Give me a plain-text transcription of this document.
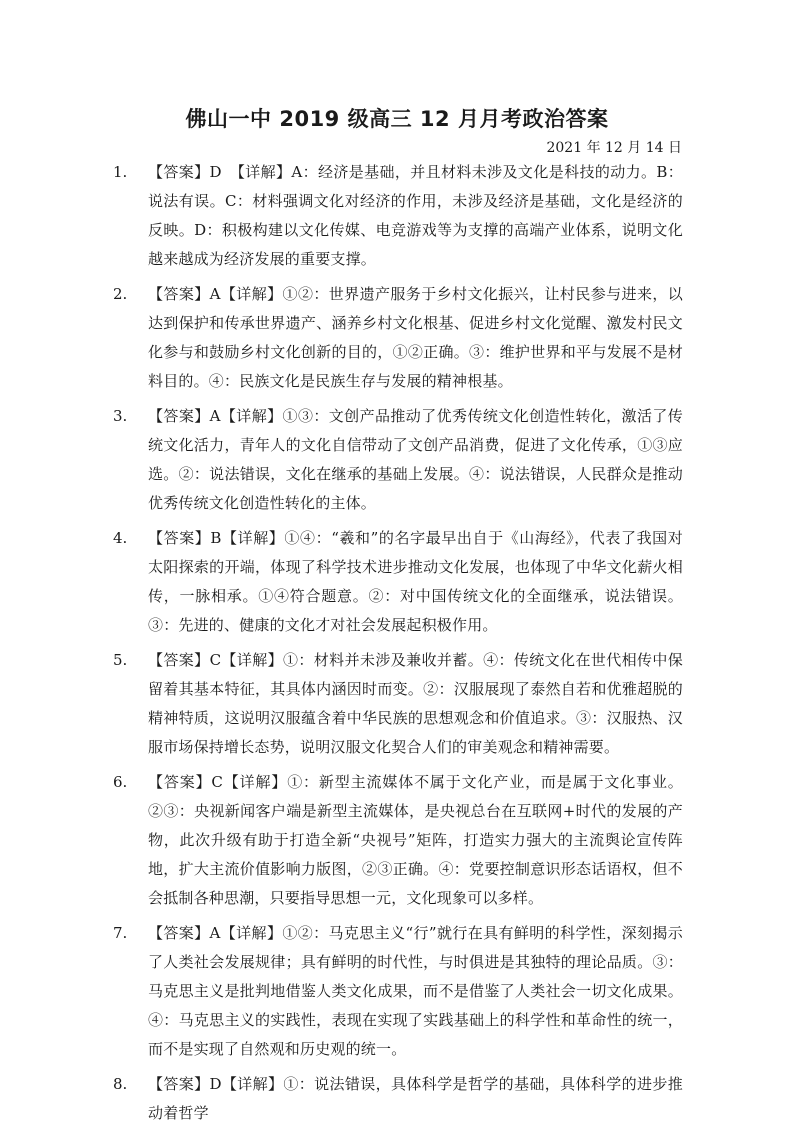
佛山一中 2019 级高三 12 月月考政治答案
2021 年 12 月 14 日
1. 【答案】D　【详解】A：经济是基础，并且材料未涉及文化是科技的动力。B：说法有误。C：材料强调文化对经济的作用，未涉及经济是基础，文化是经济的反映。D：积极构建以文化传媒、电竞游戏等为支撑的高端产业体系，说明文化越来越成为经济发展的重要支撑。
2. 【答案】A【详解】①②：世界遗产服务于乡村文化振兴，让村民参与进来，以达到保护和传承世界遗产、涵养乡村文化根基、促进乡村文化觉醒、激发村民文化参与和鼓励乡村文化创新的目的，①②正确。③：维护世界和平与发展不是材料目的。④：民族文化是民族生存与发展的精神根基。
3. 【答案】A【详解】①③：文创产品推动了优秀传统文化创造性转化，激活了传统文化活力，青年人的文化自信带动了文创产品消费，促进了文化传承，①③应选。②：说法错误，文化在继承的基础上发展。④：说法错误，人民群众是推动优秀传统文化创造性转化的主体。
4. 【答案】B【详解】①④：“羲和”的名字最早出自于《山海经》，代表了我国对太阳探索的开端，体现了科学技术进步推动文化发展，也体现了中华文化薪火相传，一脉相承。①④符合题意。②：对中国传统文化的全面继承，说法错误。③：先进的、健康的文化才对社会发展起积极作用。
5. 【答案】C【详解】①：材料并未涉及兼收并蓄。④：传统文化在世代相传中保留着其基本特征，其具体内涵因时而变。②：汉服展现了泰然自若和优雅超脱的精神特质，这说明汉服蕴含着中华民族的思想观念和价值追求。③：汉服热、汉服市场保持增长态势，说明汉服文化契合人们的审美观念和精神需要。
6. 【答案】C【详解】①：新型主流媒体不属于文化产业，而是属于文化事业。②③：央视新闻客户端是新型主流媒体，是央视总台在互联网+时代的发展的产物，此次升级有助于打造全新“央视号”矩阵，打造实力强大的主流舆论宣传阵地，扩大主流价值影响力版图，②③正确。④：党要控制意识形态话语权，但不会抵制各种思潮，只要指导思想一元，文化现象可以多样。
7. 【答案】A【详解】①②：马克思主义“行”就行在具有鲜明的科学性，深刻揭示了人类社会发展规律；具有鲜明的时代性，与时俱进是其独特的理论品质。③：马克思主义是批判地借鉴人类文化成果，而不是借鉴了人类社会一切文化成果。④：马克思主义的实践性，表现在实现了实践基础上的科学性和革命性的统一，而不是实现了自然观和历史观的统一。
8. 【答案】D【详解】①：说法错误，具体科学是哲学的基础，具体科学的进步推动着哲学
